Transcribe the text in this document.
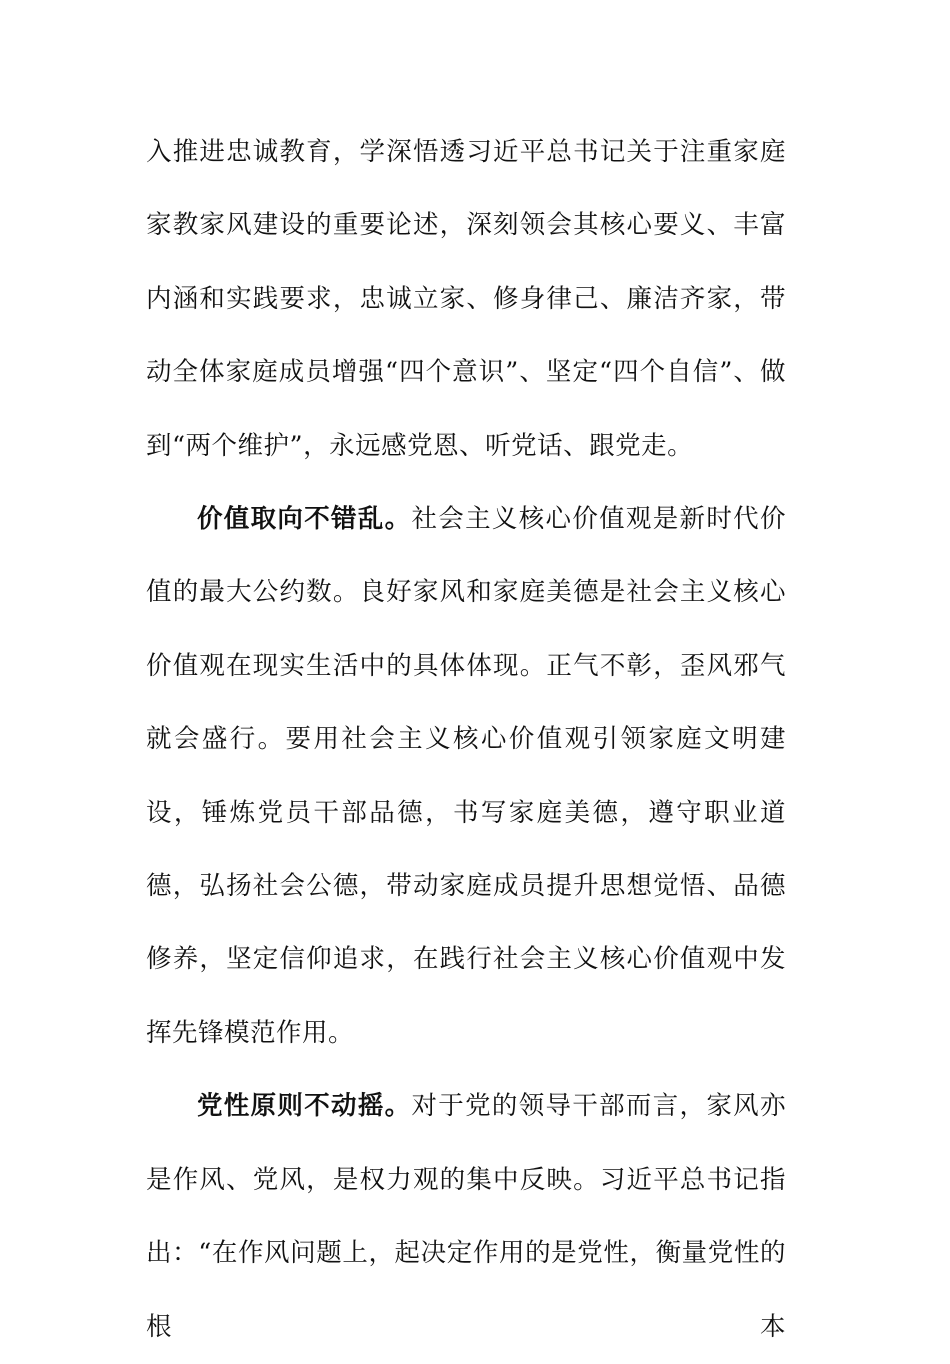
入推进忠诚教育，学深悟透习近平总书记关于注重家庭家教家风建设的重要论述，深刻领会其核心要义、丰富内涵和实践要求，忠诚立家、修身律己、廉洁齐家，带动全体家庭成员增强“四个意识”、坚定“四个自信”、做到“两个维护”，永远感党恩、听党话、跟党走。

价值取向不错乱。社会主义核心价值观是新时代价值的最大公约数。良好家风和家庭美德是社会主义核心价值观在现实生活中的具体体现。正气不彰，歪风邪气就会盛行。要用社会主义核心价值观引领家庭文明建设，锤炼党员干部品德，书写家庭美德，遵守职业道德，弘扬社会公德，带动家庭成员提升思想觉悟、品德修养，坚定信仰追求，在践行社会主义核心价值观中发挥先锋模范作用。

党性原则不动摇。对于党的领导干部而言，家风亦是作风、党风，是权力观的集中反映。习近平总书记指出：“在作风问题上，起决定作用的是党性，衡量党性的根本
